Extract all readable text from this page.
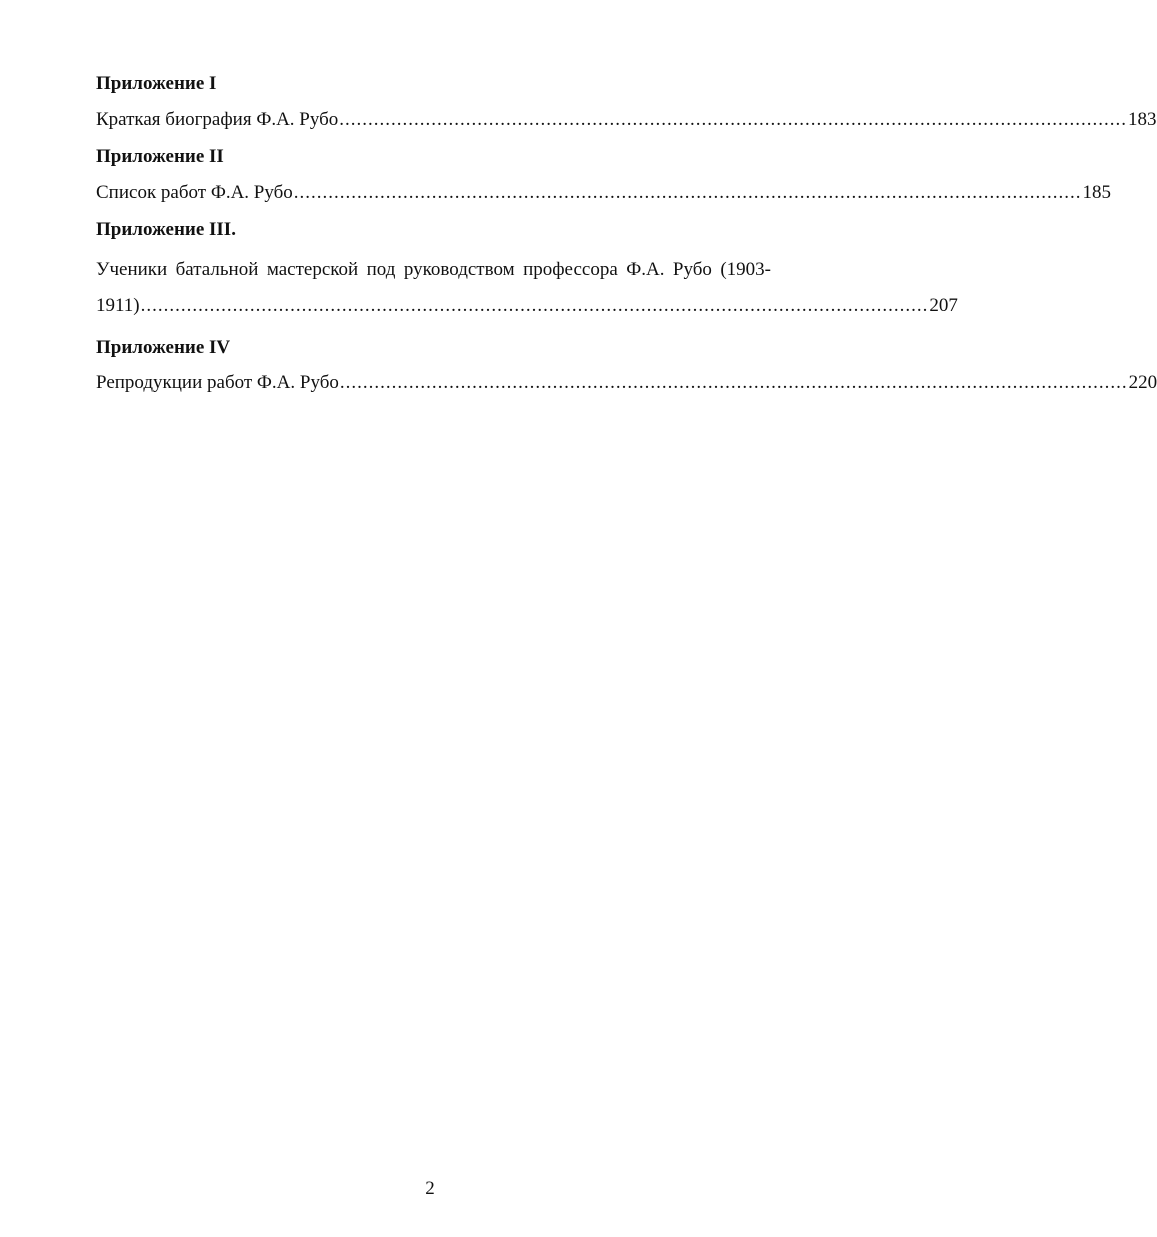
Приложение I
Краткая биография Ф.А. Рубо ......................................................................................................................................... 183
Приложение II
Список работ Ф.А. Рубо ......................................................................................................................................... 185
Приложение III.
Ученики батальной мастерской под руководством профессора Ф.А. Рубо (1903-
1911) ......................................................................................................................................... 207
Приложение IV
Репродукции работ Ф.А. Рубо ......................................................................................................................................... 220
2
